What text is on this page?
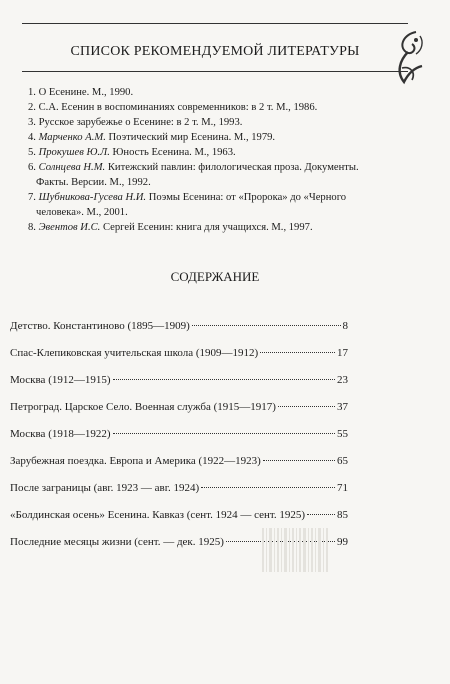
СПИСОК РЕКОМЕНДУЕМОЙ ЛИТЕРАТУРЫ
1. О Есенине. М., 1990.
2. С.А. Есенин в воспоминаниях современников: в 2 т. М., 1986.
3. Русское зарубежье о Есенине: в 2 т. М., 1993.
4. Марченко А.М. Поэтический мир Есенина. М., 1979.
5. Прокушев Ю.Л. Юность Есенина. М., 1963.
6. Солнцева Н.М. Китежский павлин: филологическая проза. Документы. Факты. Версии. М., 1992.
7. Шубникова-Гусева Н.И. Поэмы Есенина: от «Пророка» до «Черного человека». М., 2001.
8. Эвентов И.С. Сергей Есенин: книга для учащихся. М., 1997.
СОДЕРЖАНИЕ
Детство. Константиново (1895—1909)	8
Спас-Клепиковская учительская школа (1909—1912)	17
Москва (1912—1915)	23
Петроград. Царское Село. Военная служба (1915—1917)	37
Москва (1918—1922)	55
Зарубежная поездка. Европа и Америка (1922—1923)	65
После заграницы (авг. 1923 — авг. 1924)	71
«Болдинская осень» Есенина. Кавказ (сент. 1924 — сент. 1925)	85
Последние месяцы жизни (сент. — дек. 1925)	99
